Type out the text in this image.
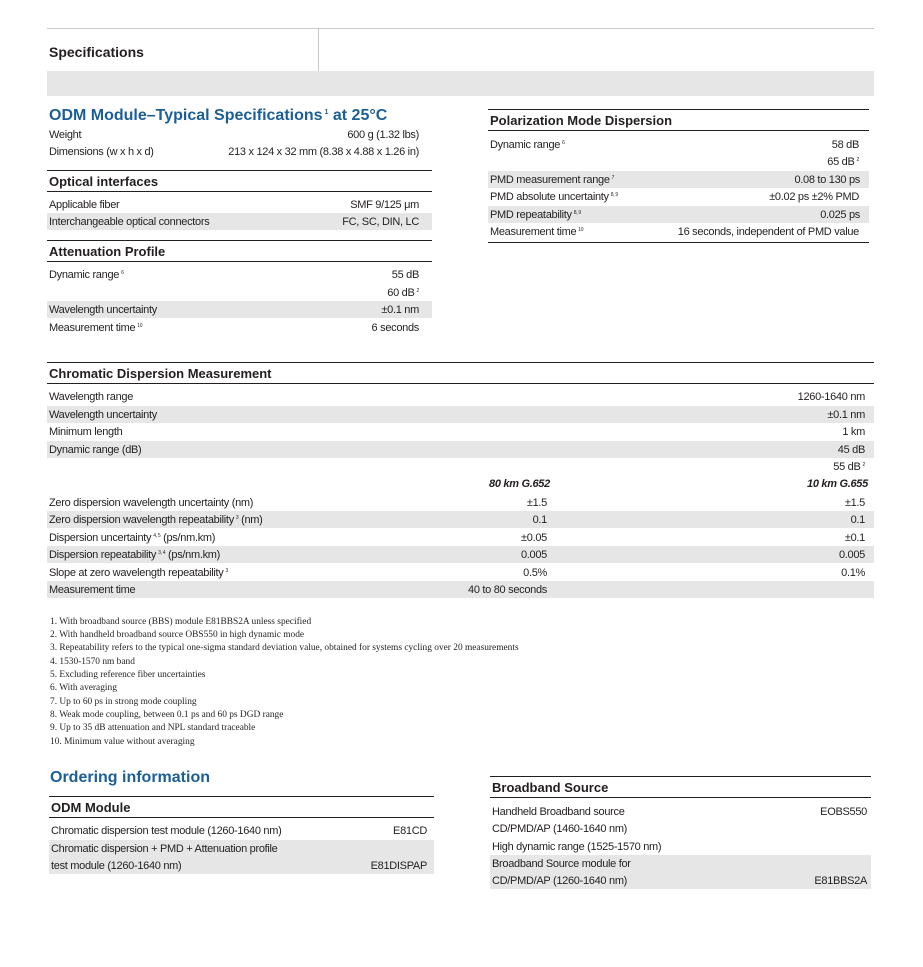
Specifications
ODM Module–Typical Specifications $^1$ at 25°C
Weight	600 g (1.32 lbs)
Dimensions (w x h x d)	213 x 124 x 32 mm (8.38 x 4.88 x 1.26 in)
Optical interfaces
Applicable fiber	SMF 9/125 μm
Interchangeable optical connectors	FC, SC, DIN, LC
Attenuation Profile
Dynamic range $^6$	55 dB
60 dB $^2$
Wavelength uncertainty	±0.1 nm
Measurement time $^{10}$	6 seconds
Polarization Mode Dispersion
Dynamic range $^6$	58 dB
65 dB $^2$
PMD measurement range $^7$	0.08 to 130 ps
PMD absolute uncertainty $^{8, 9}$	±0.02 ps ±2% PMD
PMD repeatability $^{8, 9}$	0.025 ps
Measurement time $^{10}$	16 seconds, independent of PMD value
Chromatic Dispersion Measurement
Wavelength range	1260-1640 nm
Wavelength uncertainty	±0.1 nm
Minimum length	1 km
Dynamic range (dB)	45 dB
55 dB $^2$
80 km G.652	10 km G.655
Zero dispersion wavelength uncertainty (nm)	±1.5	±1.5
Zero dispersion wavelength repeatability $^3$ (nm)	0.1	0.1
Dispersion uncertainty $^{4, 5}$ (ps/nm.km)	±0.05	±0.1
Dispersion repeatability $^{3, 4}$ (ps/nm.km)	0.005	0.005
Slope at zero wavelength repeatability $^3$	0.5%	0.1%
Measurement time	40 to 80 seconds
1. With broadband source (BBS) module E81BBS2A unless specified
2. With handheld broadband source OBS550 in high dynamic mode
3. Repeatability refers to the typical one-sigma standard deviation value, obtained for systems cycling over 20 measurements
4. 1530-1570 nm band
5. Excluding reference fiber uncertainties
6. With averaging
7. Up to 60 ps in strong mode coupling
8. Weak mode coupling, between 0.1 ps and 60 ps DGD range
9. Up to 35 dB attenuation and NPL standard traceable
10. Minimum value without averaging
Ordering information
ODM Module
Chromatic dispersion test module (1260-1640 nm)	E81CD
Chromatic dispersion + PMD + Attenuation profile
test module (1260-1640 nm)	E81DISPAP
Broadband Source
Handheld Broadband source	EOBS550
CD/PMD/AP (1460-1640 nm)
High dynamic range (1525-1570 nm)
Broadband Source module for
CD/PMD/AP (1260-1640 nm)	E81BBS2A
